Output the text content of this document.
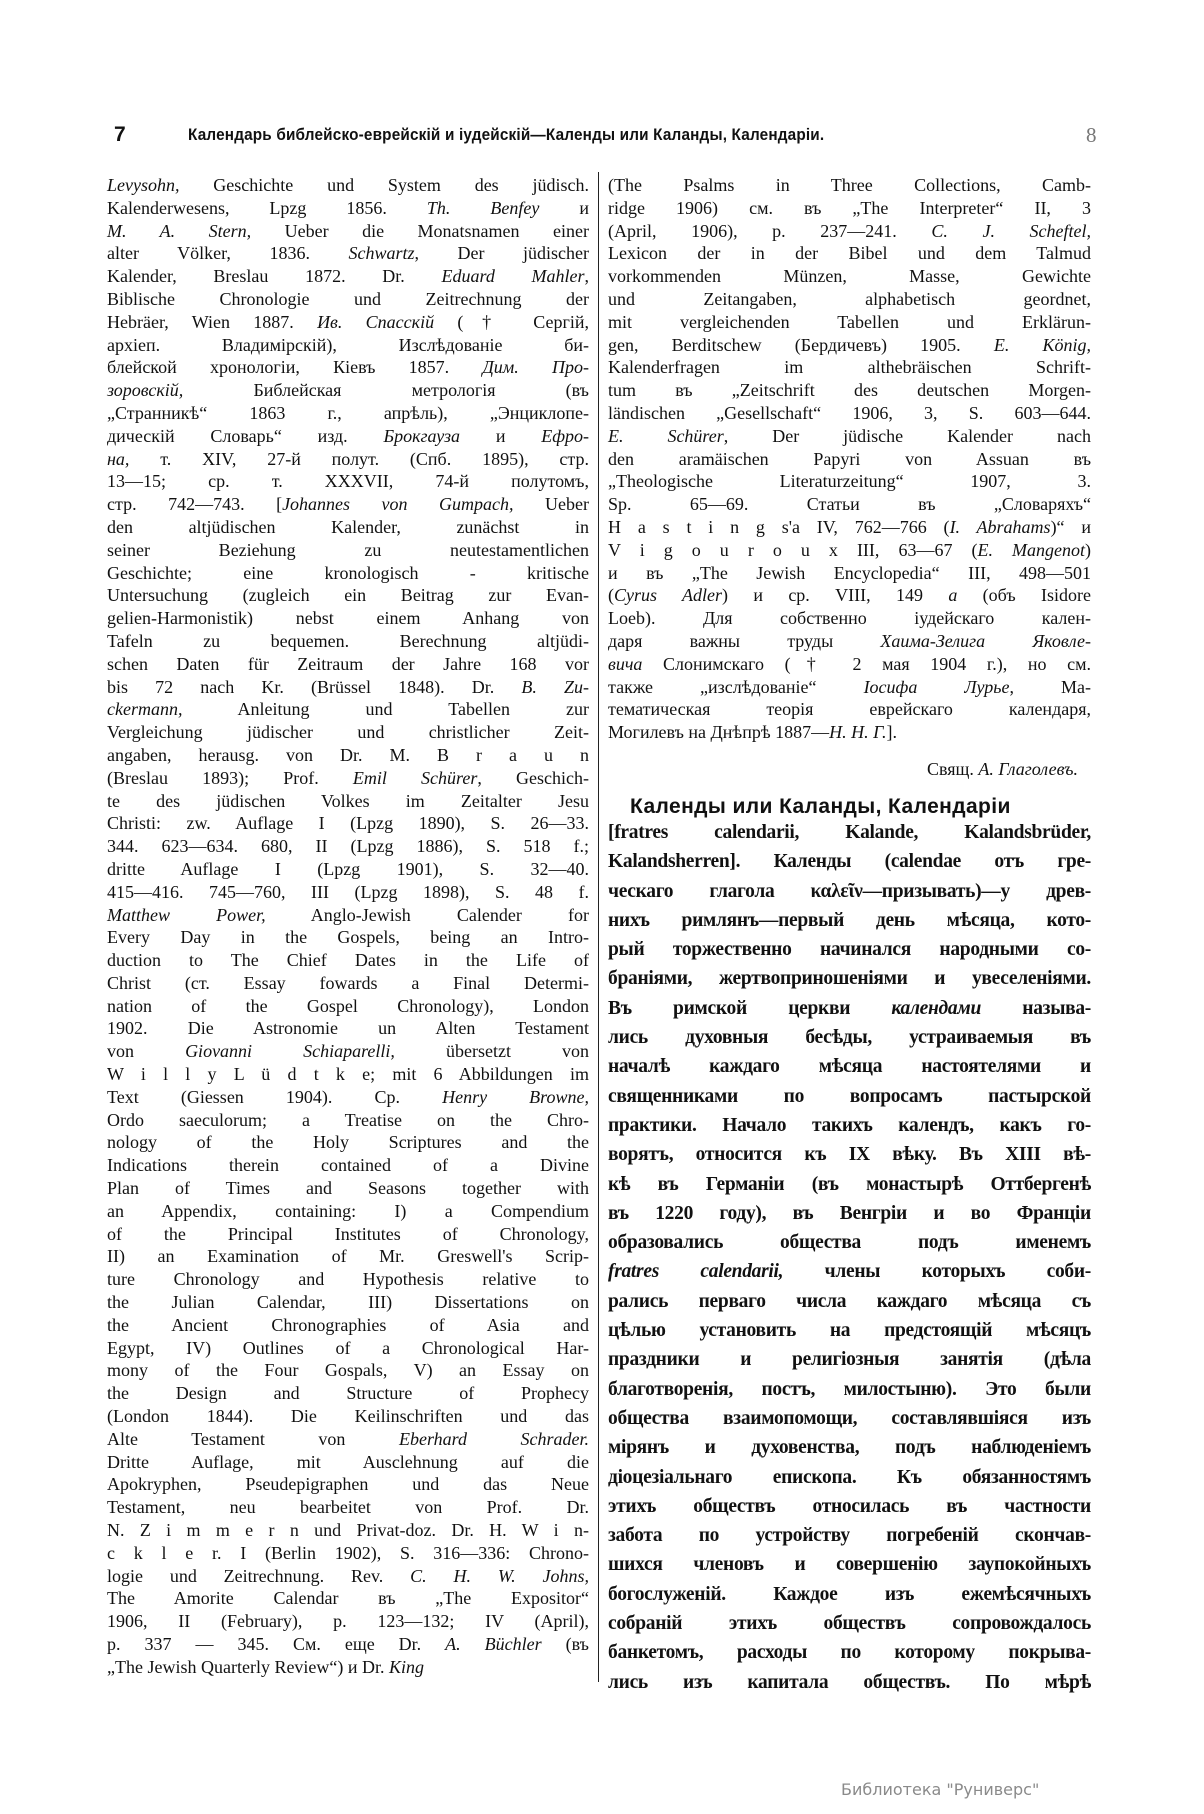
7	Календарь библейско-еврейскій и іудейскій—Календы или Каланды, Календаріи.	8
Levysohn, Geschichte und System des jüdisch.
Kalenderwesens, Lpzg 1856. Th. Benfey и
M. A. Stern, Ueber die Monatsnamen einer
alter Völker, 1836. Schwartz, Der jüdischer
Kalender, Breslau 1872. Dr. Eduard Mahler,
Biblische Chronologie und Zeitrechnung der
Hebräer, Wien 1887. Ив. Спасскій († Сергій,
архіеп. Владимірскій), Изслѣдованіе би-
блейской хронологіи, Кіевъ 1857. Дим. Про-
зоровскій, Библейская метрологія (въ
„Странникѣ“ 1863 г., апрѣль), „Энциклопе-
дическій Словарь“ изд. Брокгауза и Ефро-
на, т. XIV, 27-й полут. (Спб. 1895), стр.
13—15; ср. т. XXXVII, 74-й полутомъ,
стр. 742—743. [Johannes von Gumpach, Ueber
den altjüdischen Kalender, zunächst in
seiner Beziehung zu neutestamentlichen
Geschichte; eine kronologisch - kritische
Untersuchung (zugleich ein Beitrag zur Evan-
gelien-Harmonistik) nebst einem Anhang von
Tafeln zu bequemen. Berechnung altjüdi-
schen Daten für Zeitraum der Jahre 168 vor
bis 72 nach Kr. (Brüssel 1848). Dr. B. Zu-
ckermann, Anleitung und Tabellen zur
Vergleichung jüdischer und christlicher Zeit-
angaben, herausg. von Dr. M. B r a u n
(Breslau 1893); Prof. Emil Schürer, Geschich-
te des jüdischen Volkes im Zeitalter Jesu
Christi: zw. Auflage I (Lpzg 1890), S. 26—33.
344. 623—634. 680, II (Lpzg 1886), S. 518 f.;
dritte Auflage I (Lpzg 1901), S. 32—40.
415—416. 745—760, III (Lpzg 1898), S. 48 f.
Matthew Power, Anglo-Jewish Calender for
Every Day in the Gospels, being an Intro-
duction to The Chief Dates in the Life of
Christ (ст. Essay fowards a Final Determi-
nation of the Gospel Chronology), London
1902. Die Astronomie un Alten Testament
von Giovanni Schiaparelli, übersetzt von
W i l l y L ü d t k e; mit 6 Abbildungen im
Text (Giessen 1904). Cp. Henry Browne,
Ordo saeculorum; a Treatise on the Chro-
nology of the Holy Scriptures and the
Indications therein contained of a Divine
Plan of Times and Seasons together with
an Appendix, containing: I) a Compendium
of the Principal Institutes of Chronology,
II) an Examination of Mr. Greswell's Scrip-
ture Chronology and Hypothesis relative to
the Julian Calendar, III) Dissertations on
the Ancient Chronographies of Asia and
Egypt, IV) Outlines of a Chronological Har-
mony of the Four Gospals, V) an Essay on
the Design and Structure of Prophecy
(London 1844). Die Keilinschriften und das
Alte Testament von Eberhard Schrader.
Dritte Auflage, mit Ausclehnung auf die
Apokryphen, Pseudepigraphen und das Neue
Testament, neu bearbeitet von Prof. Dr.
N. Z i m m e r n und Privat-doz. Dr. H. W i n-
c k l e r. I (Berlin 1902), S. 316—336: Chrono-
logie und Zeitrechnung. Rev. C. H. W. Johns,
The Amorite Calendar въ „The Expositor“
1906, II (February), p. 123—132; IV (April),
p. 337 — 345. См. еще Dr. A. Büchler (въ
„The Jewish Quarterly Review“) и Dr. King
(The Psalms in Three Collections, Camb-
ridge 1906) см. въ „The Interpreter“ II, 3
(April, 1906), p. 237—241. C. J. Scheftel,
Lexicon der in der Bibel und dem Talmud
vorkommenden Münzen, Masse, Gewichte
und Zeitangaben, alphabetisch geordnet,
mit vergleichenden Tabellen und Erklärun-
gen, Berditschew (Бердичевъ) 1905. E. König,
Kalenderfragen im althebräischen Schrift-
tum въ „Zeitschrift des deutschen Morgen-
ländischen „Gesellschaft“ 1906, 3, S. 603—644.
E. Schürer, Der jüdische Kalender nach
den aramäischen Papyri von Assuan въ
„Theologische Literaturzeitung“ 1907, 3.
Sp. 65—69. Статьи въ „Словаряхъ“
H a s t i n g s'a IV, 762—766 (I. Abrahams)“ и
V i g o u r o u x III, 63—67 (E. Mangenot)
и въ „The Jewish Encyclopedia“ III, 498—501
(Cyrus Adler) и ср. VIII, 149 a (объ Isidore
Loeb). Для собственно іудейскаго кален-
даря важны труды Хаима-Зелига Яковле-
вича Слонимскаго († 2 мая 1904 г.), но см.
также „изслѣдованіе“ Іосифа Лурье, Ма-
тематическая теорія еврейскаго календаря,
Могилевъ на Днѣпрѣ 1887—Н. Н. Г.].
Свящ. А. Глаголевъ.
Календы или Каланды, Календаріи
[fratres calendarii, Kalande, Kalandsbrüder,
Kalandsherren]. Календы (calendae отъ гре-
ческаго глагола καλεῖν—призывать)—у древ-
нихъ римлянъ—первый день мѣсяца, кото-
рый торжественно начинался народными со-
браніями, жертвоприношеніями и увеселеніями.
Въ римской церкви календами называ-
лись духовныя бесѣды, устраиваемыя въ
началѣ каждаго мѣсяца настоятелями и
священниками по вопросамъ пастырской
практики. Начало такихъ календъ, какъ го-
ворятъ, относится къ IX вѣку. Въ XIII вѣ-
кѣ въ Германіи (въ монастырѣ Оттбергенѣ
въ 1220 году), въ Венгріи и во Франціи
образовались общества подъ именемъ
fratres calendarii, члены которыхъ соби-
рались перваго числа каждаго мѣсяца съ
цѣлью установить на предстоящій мѣсяцъ
праздники и религіозныя занятія (дѣла
благотворенія, постъ, милостыню). Это были
общества взаимопомощи, составлявшіяся изъ
мірянъ и духовенства, подъ наблюденіемъ
діоцезіальнаго епископа. Къ обязанностямъ
этихъ обществъ относилась въ частности
забота по устройству погребеній скончав-
шихся членовъ и совершенію заупокойныхъ
богослуженій. Каждое изъ ежемѣсячныхъ
собраній этихъ обществъ сопровождалось
банкетомъ, расходы по которому покрыва-
лись изъ капитала обществъ. По мѣрѣ
Библиотека "Руниверс"
